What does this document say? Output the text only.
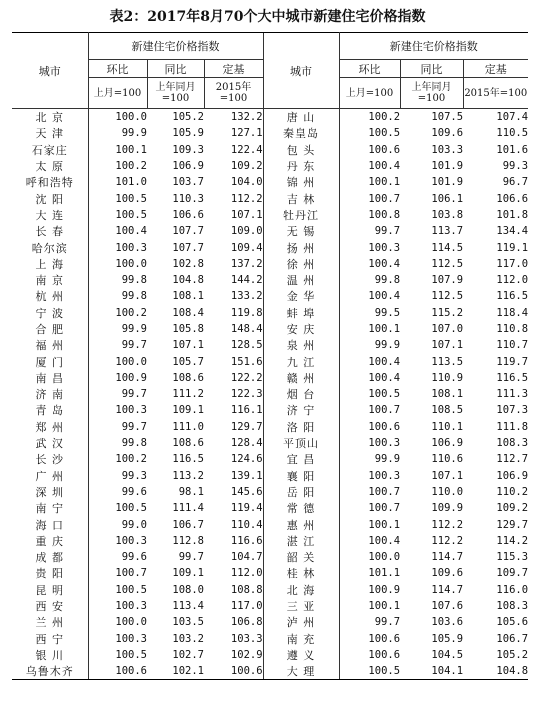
表2：2017年8月70个大中城市新建住宅价格指数
城市	新建住宅价格指数			城市	新建住宅价格指数		
	环比	同比	定基		环比	同比	定基
	上月=100	上年同月=100	2015年=100		上月=100	上年同月=100	2015年=100
北 京	100.0	105.2	132.2	唐 山	100.2	107.5	107.4
天 津	99.9	105.9	127.1	秦皇岛	100.5	109.6	110.5
石家庄	100.1	109.3	122.4	包 头	100.6	103.3	101.6
太 原	100.2	106.9	109.2	丹 东	100.4	101.9	99.3
呼和浩特	101.0	103.7	104.0	锦 州	100.1	101.9	96.7
沈 阳	100.5	110.3	112.2	吉 林	100.7	106.1	106.6
大 连	100.5	106.6	107.1	牡丹江	100.8	103.8	101.8
长 春	100.4	107.7	109.0	无 锡	99.7	113.7	134.4
哈尔滨	100.3	107.7	109.4	扬 州	100.3	114.5	119.1
上 海	100.0	102.8	137.2	徐 州	100.4	112.5	117.0
南 京	99.8	104.8	144.2	温 州	99.8	107.9	112.0
杭 州	99.8	108.1	133.2	金 华	100.4	112.5	116.5
宁 波	100.2	108.4	119.8	蚌 埠	99.5	115.2	118.4
合 肥	99.9	105.8	148.4	安 庆	100.1	107.0	110.8
福 州	99.7	107.1	128.5	泉 州	99.9	107.1	110.7
厦 门	100.0	105.7	151.6	九 江	100.4	113.5	119.7
南 昌	100.9	108.6	122.2	赣 州	100.4	110.9	116.5
济 南	99.7	111.2	122.3	烟 台	100.5	108.1	111.3
青 岛	100.3	109.1	116.1	济 宁	100.7	108.5	107.3
郑 州	99.7	111.0	129.7	洛 阳	100.6	110.1	111.8
武 汉	99.8	108.6	128.4	平顶山	100.3	106.9	108.3
长 沙	100.2	116.5	124.6	宜 昌	99.9	110.6	112.7
广 州	99.3	113.2	139.1	襄 阳	100.3	107.1	106.9
深 圳	99.6	98.1	145.6	岳 阳	100.7	110.0	110.2
南 宁	100.5	111.4	119.4	常 德	100.7	109.9	109.2
海 口	99.0	106.7	110.4	惠 州	100.1	112.2	129.7
重 庆	100.3	112.8	116.6	湛 江	100.4	112.2	114.2
成 都	99.6	99.7	104.7	韶 关	100.0	114.7	115.3
贵 阳	100.7	109.1	112.0	桂 林	101.1	109.6	109.7
昆 明	100.5	108.0	108.8	北 海	100.9	114.7	116.0
西 安	100.3	113.4	117.0	三 亚	100.1	107.6	108.3
兰 州	100.0	103.5	106.8	泸 州	99.7	103.6	105.6
西 宁	100.3	103.2	103.3	南 充	100.6	105.9	106.7
银 川	100.5	102.7	102.9	遵 义	100.6	104.5	105.2
乌鲁木齐	100.6	102.1	100.6	大 理	100.5	104.1	104.8
